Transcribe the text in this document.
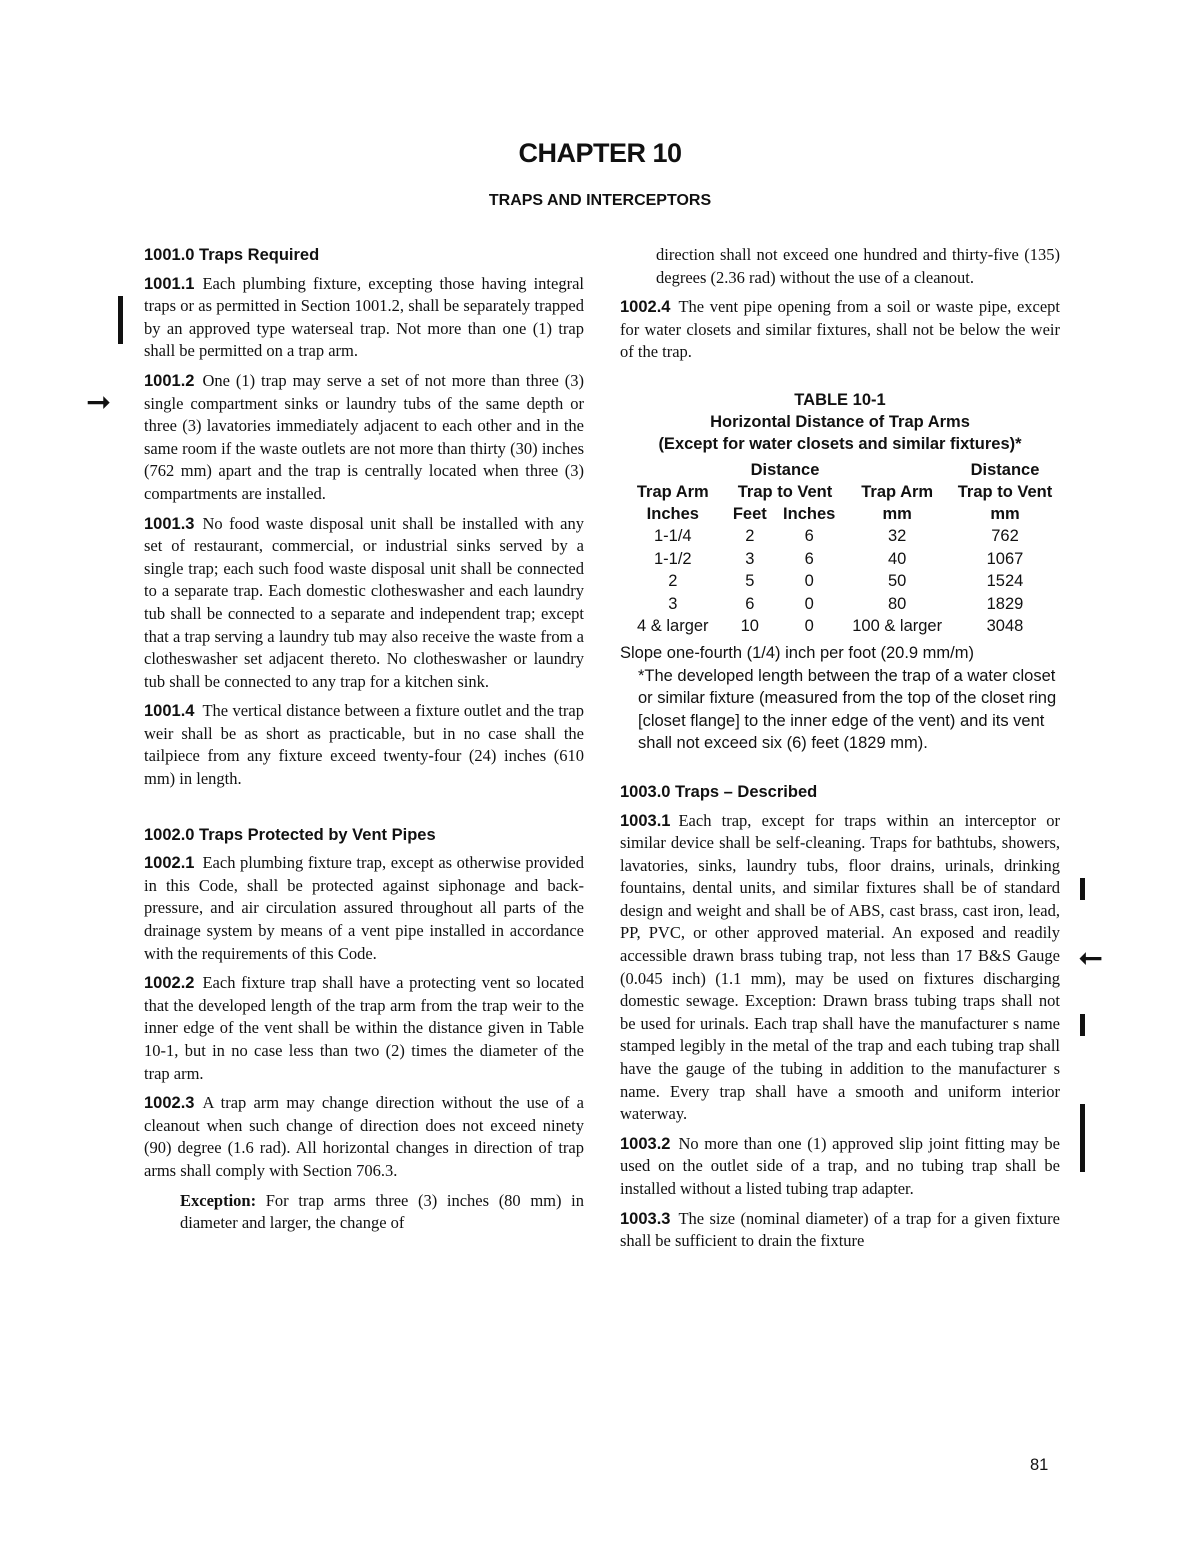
CHAPTER 10
TRAPS AND INTERCEPTORS
1001.0 Traps Required

1001.1 Each plumbing fixture, excepting those having integral traps or as permitted in Section 1001.2, shall be separately trapped by an approved type waterseal trap. Not more than one (1) trap shall be permitted on a trap arm.

1001.2 One (1) trap may serve a set of not more than three (3) single compartment sinks or laundry tubs of the same depth or three (3) lavatories immediately adjacent to each other and in the same room if the waste outlets are not more than thirty (30) inches (762 mm) apart and the trap is centrally located when three (3) compartments are installed.

1001.3 No food waste disposal unit shall be installed with any set of restaurant, commercial, or industrial sinks served by a single trap; each such food waste disposal unit shall be connected to a separate trap. Each domestic clotheswasher and each laundry tub shall be connected to a separate and independent trap; except that a trap serving a laundry tub may also receive the waste from a clotheswasher set adjacent thereto. No clotheswasher or laundry tub shall be connected to any trap for a kitchen sink.

1001.4 The vertical distance between a fixture outlet and the trap weir shall be as short as practicable, but in no case shall the tailpiece from any fixture exceed twenty-four (24) inches (610 mm) in length.

1002.0 Traps Protected by Vent Pipes

1002.1 Each plumbing fixture trap, except as otherwise provided in this Code, shall be protected against siphonage and back-pressure, and air circulation assured throughout all parts of the drainage system by means of a vent pipe installed in accordance with the requirements of this Code.

1002.2 Each fixture trap shall have a protecting vent so located that the developed length of the trap arm from the trap weir to the inner edge of the vent shall be within the distance given in Table 10-1, but in no case less than two (2) times the diameter of the trap arm.

1002.3 A trap arm may change direction without the use of a cleanout when such change of direction does not exceed ninety (90) degree (1.6 rad). All horizontal changes in direction of trap arms shall comply with Section 706.3.

Exception: For trap arms three (3) inches (80 mm) in diameter and larger, the change of

direction shall not exceed one hundred and thirty-five (135) degrees (2.36 rad) without the use of a cleanout.

1002.4 The vent pipe opening from a soil or waste pipe, except for water closets and similar fixtures, shall not be below the weir of the trap.

TABLE 10-1
Horizontal Distance of Trap Arms
(Except for water closets and similar fixtures)*
	Distance			Distance
Trap Arm	Trap to Vent		Trap Arm	Trap to Vent
Inches	Feet	Inches	mm	mm
1-1/4	2	6	32	762
1-1/2	3	6	40	1067
2	5	0	50	1524
3	6	0	80	1829
4 & larger	10	0	100 & larger	3048
Slope one-fourth (1/4) inch per foot (20.9 mm/m)
*The developed length between the trap of a water closet or similar fixture (measured from the top of the closet ring [closet flange] to the inner edge of the vent) and its vent shall not exceed six (6) feet (1829 mm).
1003.0 Traps – Described

1003.1 Each trap, except for traps within an interceptor or similar device shall be self-cleaning. Traps for bathtubs, showers, lavatories, sinks, laundry tubs, floor drains, urinals, drinking fountains, dental units, and similar fixtures shall be of standard design and weight and shall be of ABS, cast brass, cast iron, lead, PP, PVC, or other approved material. An exposed and readily accessible drawn brass tubing trap, not less than 17 B&S Gauge (0.045 inch) (1.1 mm), may be used on fixtures discharging domestic sewage. Exception: Drawn brass tubing traps shall not be used for urinals. Each trap shall have the manufacturer s name stamped legibly in the metal of the trap and each tubing trap shall have the gauge of the tubing in addition to the manufacturer s name. Every trap shall have a smooth and uniform interior waterway.

1003.2 No more than one (1) approved slip joint fitting may be used on the outlet side of a trap, and no tubing trap shall be installed without a listed tubing trap adapter.

1003.3 The size (nominal diameter) of a trap for a given fixture shall be sufficient to drain the fixture

➞
➞
81
